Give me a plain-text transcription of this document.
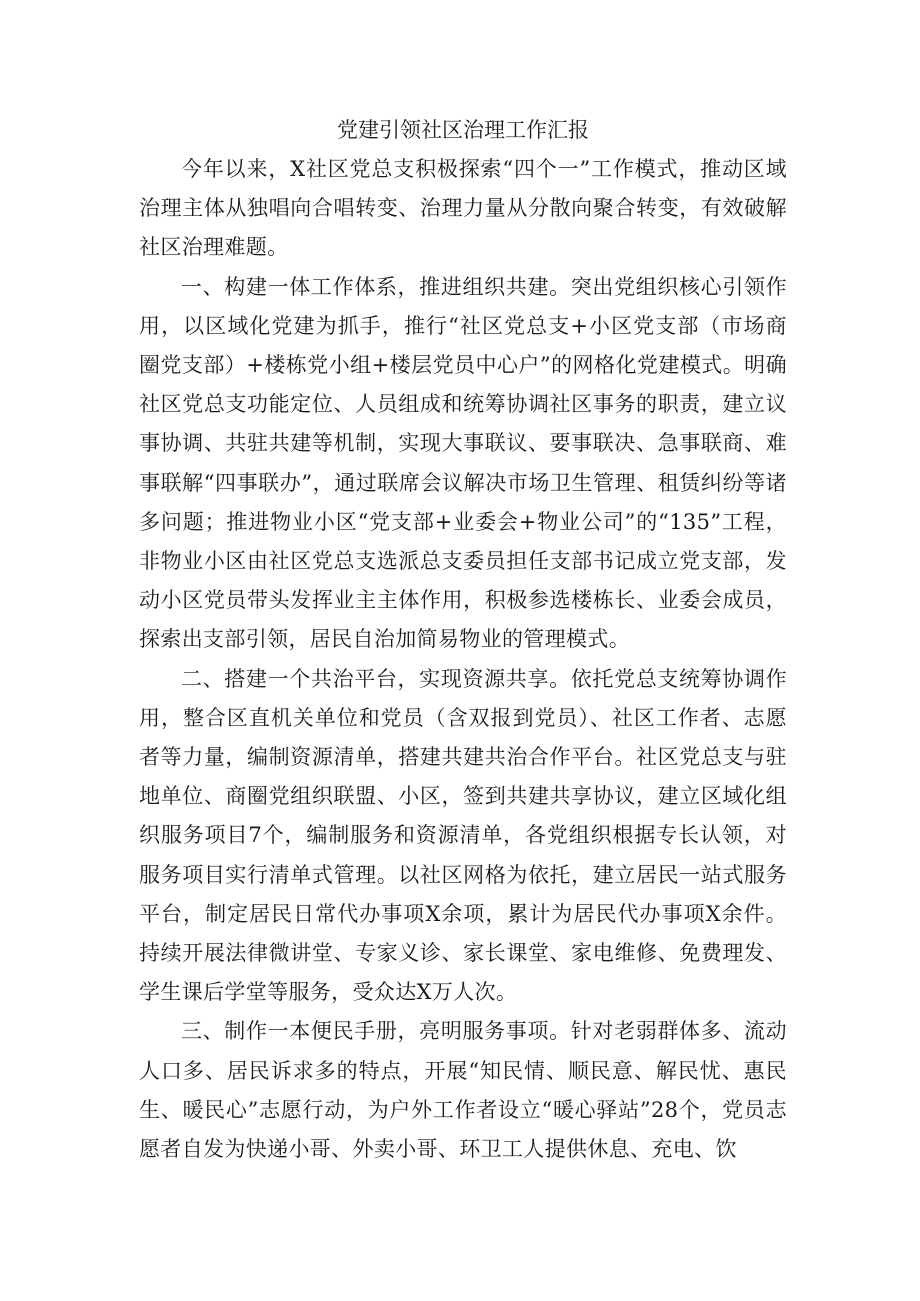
党建引领社区治理工作汇报

今年以来，X社区党总支积极探索“四个一”工作模式，推动区域治理主体从独唱向合唱转变、治理力量从分散向聚合转变，有效破解社区治理难题。

一、构建一体工作体系，推进组织共建。突出党组织核心引领作用，以区域化党建为抓手，推行“社区党总支+小区党支部（市场商圈党支部）+楼栋党小组+楼层党员中心户”的网格化党建模式。明确社区党总支功能定位、人员组成和统筹协调社区事务的职责，建立议事协调、共驻共建等机制，实现大事联议、要事联决、急事联商、难事联解“四事联办”，通过联席会议解决市场卫生管理、租赁纠纷等诸多问题；推进物业小区“党支部+业委会+物业公司”的“135”工程，非物业小区由社区党总支选派总支委员担任支部书记成立党支部，发动小区党员带头发挥业主主体作用，积极参选楼栋长、业委会成员，探索出支部引领，居民自治加简易物业的管理模式。

二、搭建一个共治平台，实现资源共享。依托党总支统筹协调作用，整合区直机关单位和党员（含双报到党员）、社区工作者、志愿者等力量，编制资源清单，搭建共建共治合作平台。社区党总支与驻地单位、商圈党组织联盟、小区，签到共建共享协议，建立区域化组织服务项目7个，编制服务和资源清单，各党组织根据专长认领，对服务项目实行清单式管理。以社区网格为依托，建立居民一站式服务平台，制定居民日常代办事项X余项，累计为居民代办事项X余件。持续开展法律微讲堂、专家义诊、家长课堂、家电维修、免费理发、学生课后学堂等服务，受众达X万人次。

三、制作一本便民手册，亮明服务事项。针对老弱群体多、流动人口多、居民诉求多的特点，开展“知民情、顺民意、解民忧、惠民生、暖民心”志愿行动，为户外工作者设立“暖心驿站”28个，党员志愿者自发为快递小哥、外卖小哥、环卫工人提供休息、充电、饮
